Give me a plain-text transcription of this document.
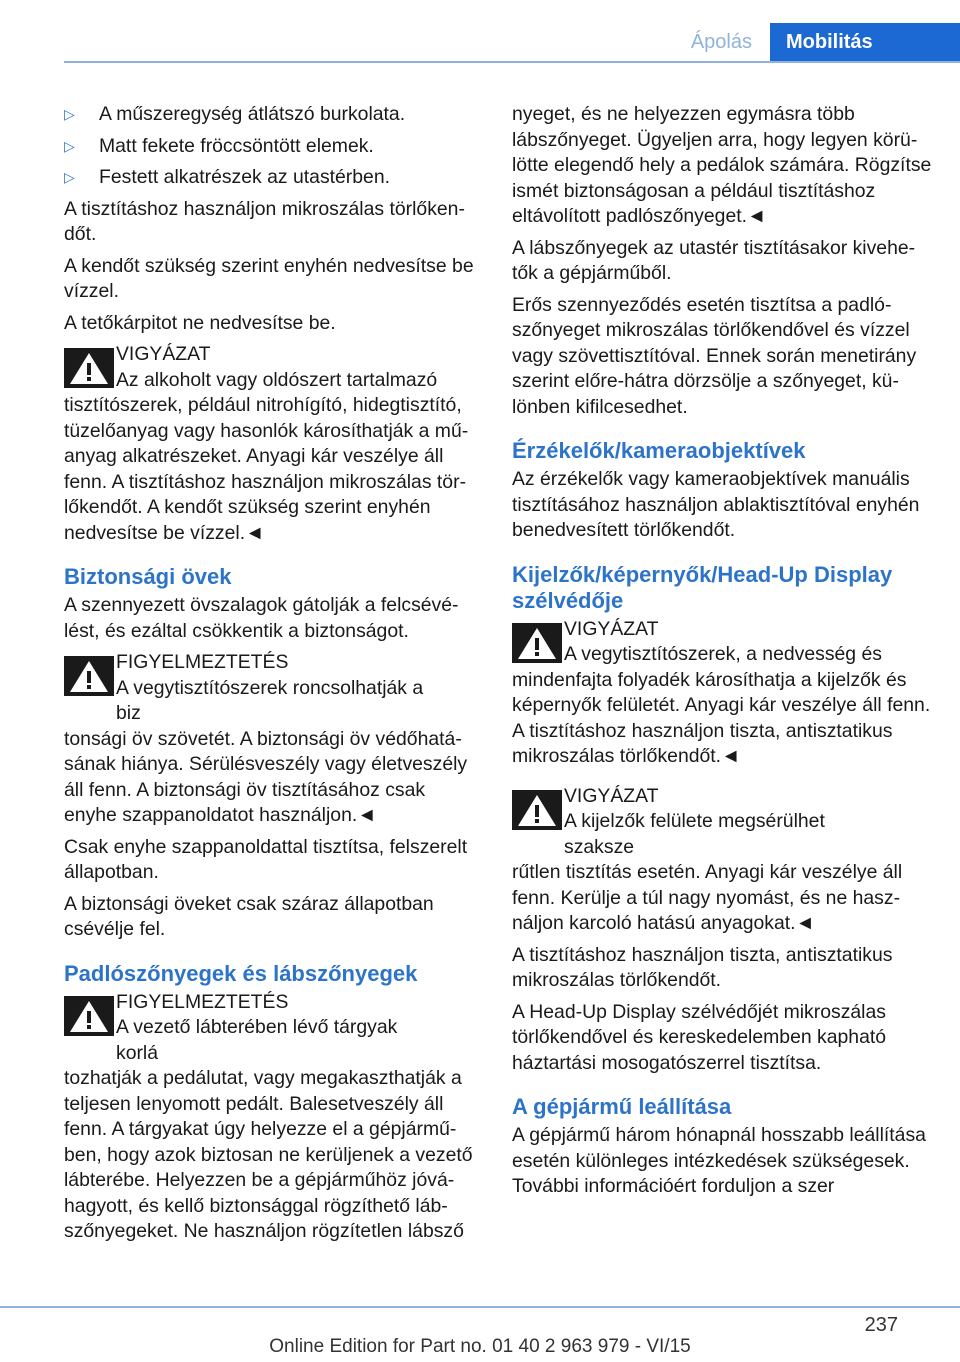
Ápolás	Mobilitás
▷	A műszeregység átlátszó burkolata.
▷	Matt fekete fröccsöntött elemek.
▷	Festett alkatrészek az utastérben.

A tisztításhoz használjon mikroszálas törlőkendőt.

A kendőt szükség szerint enyhén nedvesítse be vízzel.

A tetőkárpitot ne nedvesítse be.

VIGYÁZAT
Az alkoholt vagy oldószert tartalmazó
tisztítószerek, például nitrohígító, hidegtisztító, tüzelőanyag vagy hasonlók károsíthatják a műanyag alkatrészeket. Anyagi kár veszélye áll fenn. A tisztításhoz használjon mikroszálas törlőkendőt. A kendőt szükség szerint enyhén nedvesítse be vízzel.◄
Biztonsági övek

A szennyezett övszalagok gátolják a felcsévélést, és ezáltal csökkentik a biztonságot.

FIGYELMEZTETÉS
A vegytisztítószerek roncsolhatják a biz
tonsági öv szövetét. A biztonsági öv védőhatásának hiánya. Sérülésveszély vagy életveszély áll fenn. A biztonsági öv tisztításához csak enyhe szappanoldatot használjon.◄

Csak enyhe szappanoldattal tisztítsa, felszerelt állapotban.

A biztonsági öveket csak száraz állapotban csévélje fel.

Padlószőnyegek és lábszőnyegek
FIGYELMEZTETÉS
A vezető lábterében lévő tárgyak korlá
tozhatják a pedálutat, vagy megakaszthatják a teljesen lenyomott pedált. Balesetveszély áll fenn. A tárgyakat úgy helyezze el a gépjárműben, hogy azok biztosan ne kerüljenek a vezető lábterébe. Helyezzen be a gépjárműhöz jóváhagyott, és kellő biztonsággal rögzíthető lábszőnyegeket. Ne használjon rögzítetlen lábsző

nyeget, és ne helyezzen egymásra több lábszőnyeget. Ügyeljen arra, hogy legyen körülötte elegendő hely a pedálok számára. Rögzítse ismét biztonságosan a például tisztításhoz eltávolított padlószőnyeget.◄

A lábszőnyegek az utastér tisztításakor kivehetők a gépjárműből.

Erős szennyeződés esetén tisztítsa a padlószőnyeget mikroszálas törlőkendővel és vízzel vagy szövettisztítóval. Ennek során menetirány szerint előre-hátra dörzsölje a szőnyeget, különben kifilcesedhet.

Érzékelők/kameraobjektívek

Az érzékelők vagy kameraobjektívek manuális tisztításához használjon ablaktisztítóval enyhén benedvesített törlőkendőt.

Kijelzők/képernyők/Head-Up Display szélvédője
VIGYÁZAT
A vegytisztítószerek, a nedvesség és
mindenfajta folyadék károsíthatja a kijelzők és képernyők felületét. Anyagi kár veszélye áll fenn. A tisztításhoz használjon tiszta, antisztatikus mikroszálas törlőkendőt.◄
VIGYÁZAT
A kijelzők felülete megsérülhet szaksze
rűtlen tisztítás esetén. Anyagi kár veszélye áll fenn. Kerülje a túl nagy nyomást, és ne használjon karcoló hatású anyagokat.◄

A tisztításhoz használjon tiszta, antisztatikus mikroszálas törlőkendőt.

A Head-Up Display szélvédőjét mikroszálas törlőkendővel és kereskedelemben kapható háztartási mosogatószerrel tisztítsa.

A gépjármű leállítása

A gépjármű három hónapnál hosszabb leállítása esetén különleges intézkedések szükségesek. További információért forduljon a szer

237
Online Edition for Part no. 01 40 2 963 979 - VI/15
